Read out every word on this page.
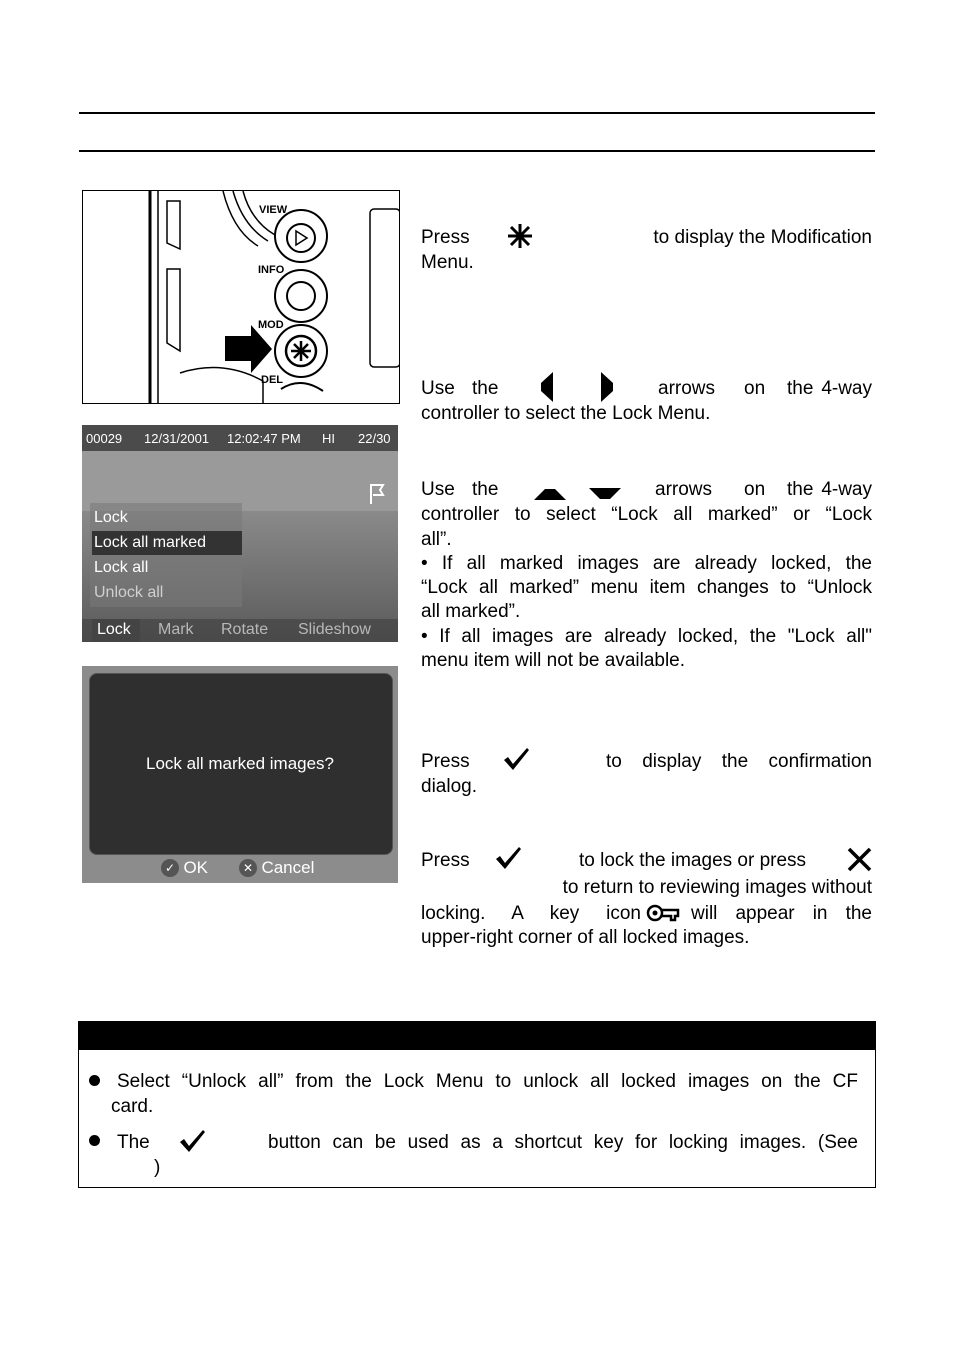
VIEW
INFO
MOD
DEL
00029 12/31/2001 12:02:47 PM HI 22/30
Lock
Lock all marked
Lock all
Unlock all
Lock Mark Rotate Slideshow
Lock all marked images?
✓ OK	✕ Cancel
Press	to display the Modification
Menu.
Use the	arrows on the 4-way
controller to select the Lock Menu.
Use the	arrows on the 4-way
controller to select “Lock all marked” or “Lock
all”.
• If all marked images are already locked, the
“Lock all marked” menu item changes to “Unlock
all marked”.
• If all images are already locked, the "Lock all"
menu item will not be available.
Press	to display the confirmation
dialog.
Press	to lock the images or press
to return to reviewing images without
locking. A key icon	will appear in the
upper-right corner of all locked images.
Select “Unlock all” from the Lock Menu to unlock all locked images on the CF
card.
The	button can be used as a shortcut key for locking images. (See
)
